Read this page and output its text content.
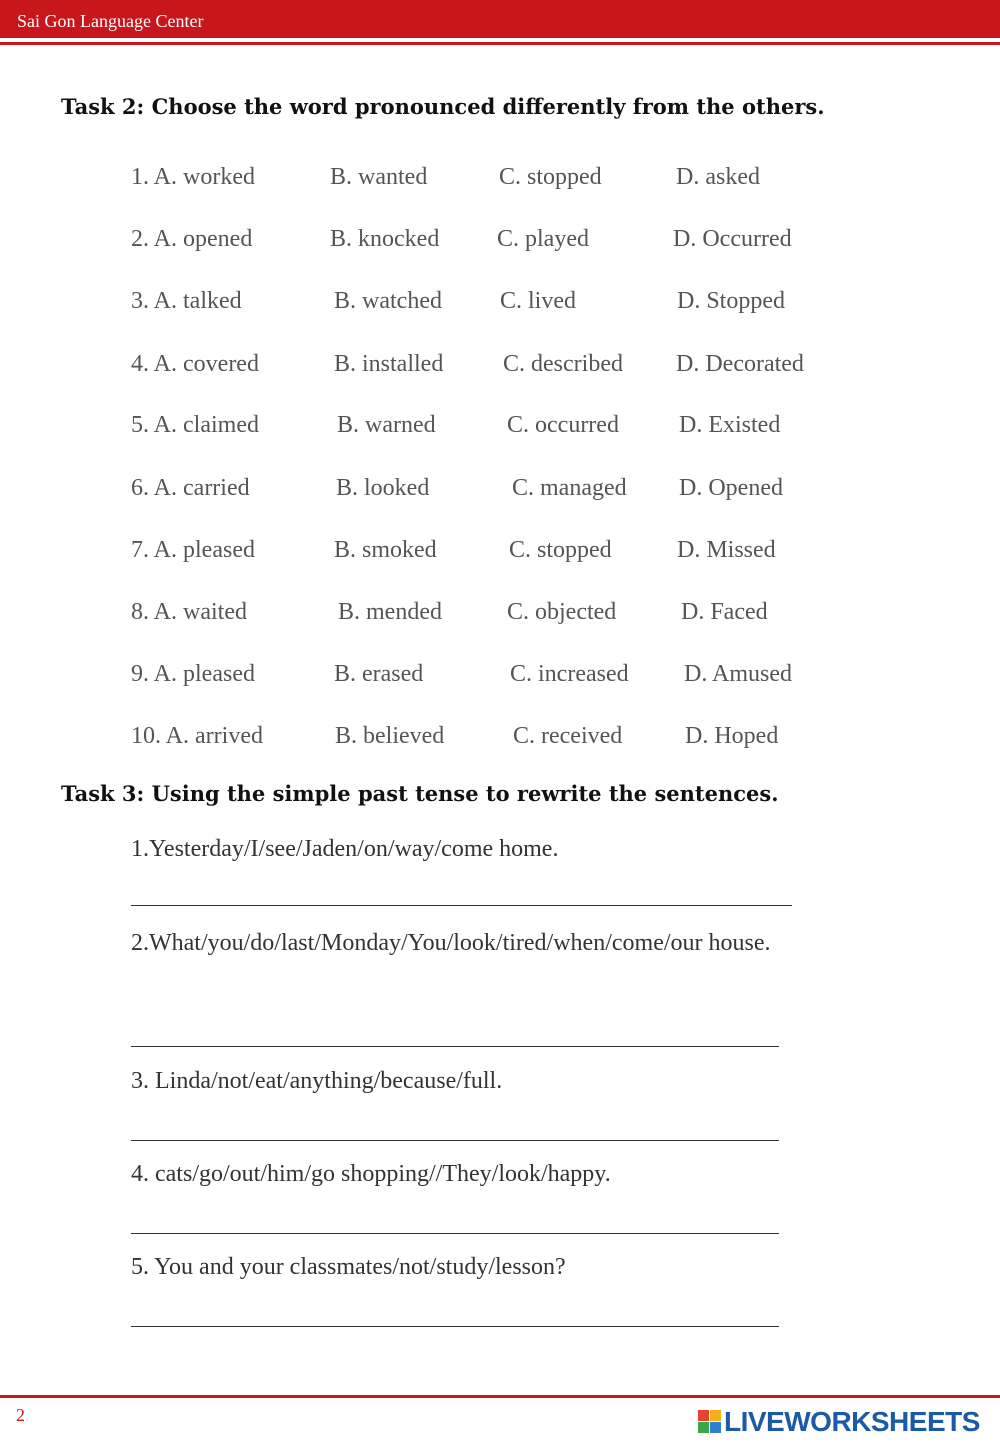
Sai Gon Language Center
Task 2: Choose the word pronounced differently from the others.
1. A. worked	B. wanted	C. stopped	D. asked
2. A. opened	B. knocked C. played	D. Occurred
3. A. talked	B. watched C. lived	D. Stopped
4. A. covered	B. installed C. described D. Decorated
5. A. claimed	B. warned	C. occurred	D. Existed
6. A. carried	B. looked	C. managed D. Opened
7. A. pleased	B. smoked	C. stopped	D. Missed
8. A. waited	B. mended	C. objected	D. Faced
9. A. pleased	B. erased	C. increased D. Amused
10. A. arrived	B. believed	C. received	D. Hoped
Task 3: Using the simple past tense to rewrite the sentences.
1.Yesterday/I/see/Jaden/on/way/come home.
2.What/you/do/last/Monday/You/look/tired/when/come/our house.
3. Linda/not/eat/anything/because/full.
4. cats/go/out/him/go shopping//They/look/happy.
5. You and your classmates/not/study/lesson?
2	LIVEWORKSHEETS
